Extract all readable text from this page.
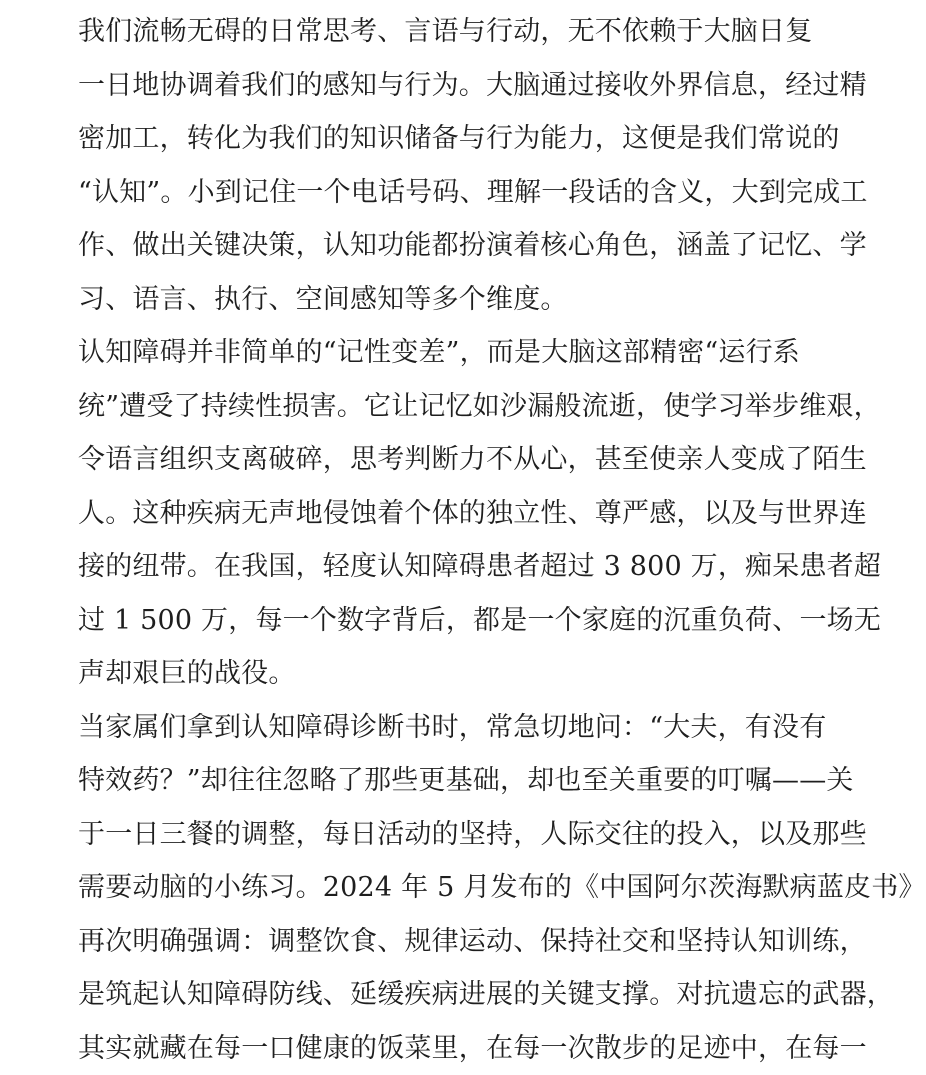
我们流畅无碍的日常思考、言语与行动，无不依赖于大脑日复
一日地协调着我们的感知与行为。大脑通过接收外界信息，经过精
密加工，转化为我们的知识储备与行为能力，这便是我们常说的
“认知”。小到记住一个电话号码、理解一段话的含义，大到完成工
作、做出关键决策，认知功能都扮演着核心角色，涵盖了记忆、学
习、语言、执行、空间感知等多个维度。
认知障碍并非简单的“记性变差”，而是大脑这部精密“运行系
统”遭受了持续性损害。它让记忆如沙漏般流逝，使学习举步维艰，
令语言组织支离破碎，思考判断力不从心，甚至使亲人变成了陌生
人。这种疾病无声地侵蚀着个体的独立性、尊严感，以及与世界连
接的纽带。在我国，轻度认知障碍患者超过 3 800 万，痴呆患者超
过 1 500 万，每一个数字背后，都是一个家庭的沉重负荷、一场无
声却艰巨的战役。
当家属们拿到认知障碍诊断书时，常急切地问：“大夫，有没有
特效药？”却往往忽略了那些更基础，却也至关重要的叮嘱——关
于一日三餐的调整，每日活动的坚持，人际交往的投入，以及那些
需要动脑的小练习。2024 年 5 月发布的《中国阿尔茨海默病蓝皮书》
再次明确强调：调整饮食、规律运动、保持社交和坚持认知训练，
是筑起认知障碍防线、延缓疾病进展的关键支撑。对抗遗忘的武器，
其实就藏在每一口健康的饭菜里，在每一次散步的足迹中，在每一
